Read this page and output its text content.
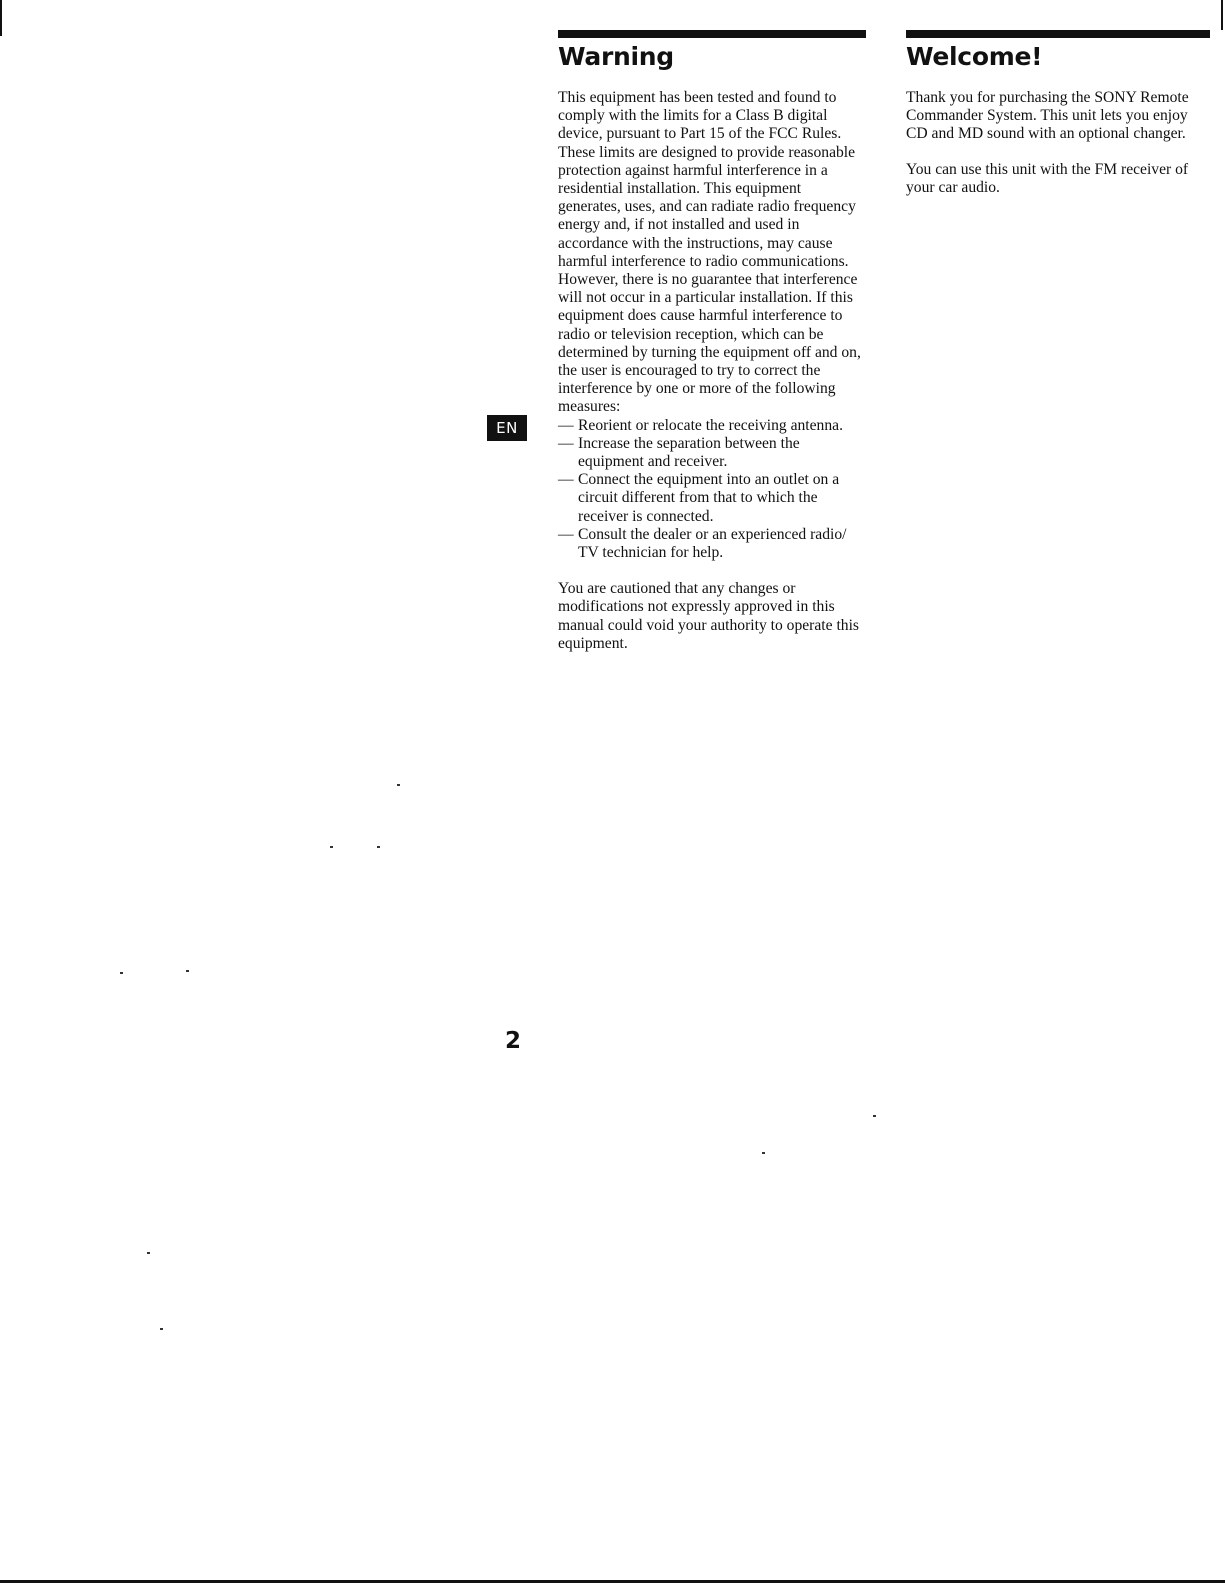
Warning

This equipment has been tested and found to comply with the limits for a Class B digital device, pursuant to Part 15 of the FCC Rules. These limits are designed to provide reasonable protection against harmful interference in a residential installation. This equipment generates, uses, and can radiate radio frequency energy and, if not installed and used in accordance with the instructions, may cause harmful interference to radio communications. However, there is no guarantee that interference will not occur in a particular installation. If this equipment does cause harmful interference to radio or television reception, which can be determined by turning the equipment off and on, the user is encouraged to try to correct the interference by one or more of the following measures:

— Reorient or relocate the receiving antenna.
— Increase the separation between the equipment and receiver.
— Connect the equipment into an outlet on a circuit different from that to which the receiver is connected.
— Consult the dealer or an experienced radio/ TV technician for help.

You are cautioned that any changes or modifications not expressly approved in this manual could void your authority to operate this equipment.

Welcome!

Thank you for purchasing the SONY Remote Commander System. This unit lets you enjoy CD and MD sound with an optional changer.

You can use this unit with the FM receiver of your car audio.

EN
2
